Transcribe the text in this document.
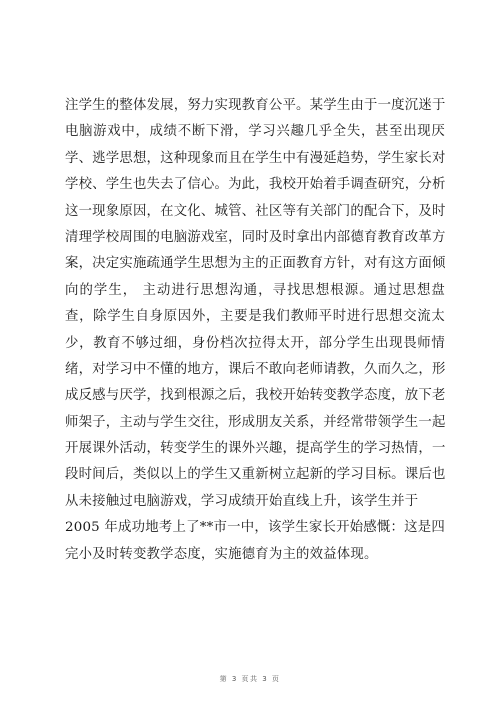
注学生的整体发展，努力实现教育公平。某学生由于一度沉迷于
电脑游戏中，成绩不断下滑，学习兴趣几乎全失，甚至出现厌
学、逃学思想，这种现象而且在学生中有漫延趋势，学生家长对
学校、学生也失去了信心。为此，我校开始着手调查研究，分析
这一现象原因，在文化、城管、社区等有关部门的配合下，及时
清理学校周围的电脑游戏室，同时及时拿出内部德育教育改革方
案，决定实施疏通学生思想为主的正面教育方针，对有这方面倾
向的学生， 主动进行思想沟通，寻找思想根源。通过思想盘
查，除学生自身原因外，主要是我们教师平时进行思想交流太
少，教育不够过细，身份档次拉得太开，部分学生出现畏师情
绪，对学习中不懂的地方，课后不敢向老师请教，久而久之，形
成反感与厌学，找到根源之后，我校开始转变教学态度，放下老
师架子，主动与学生交往，形成朋友关系，并经常带领学生一起
开展课外活动，转变学生的课外兴趣，提高学生的学习热情，一
段时间后，类似以上的学生又重新树立起新的学习目标。课后也
从未接触过电脑游戏，学习成绩开始直线上升，该学生并于
2005 年成功地考上了**市一中，该学生家长开始感慨：这是四
完小及时转变教学态度，实施德育为主的效益体现。
第 3 页共 3 页
